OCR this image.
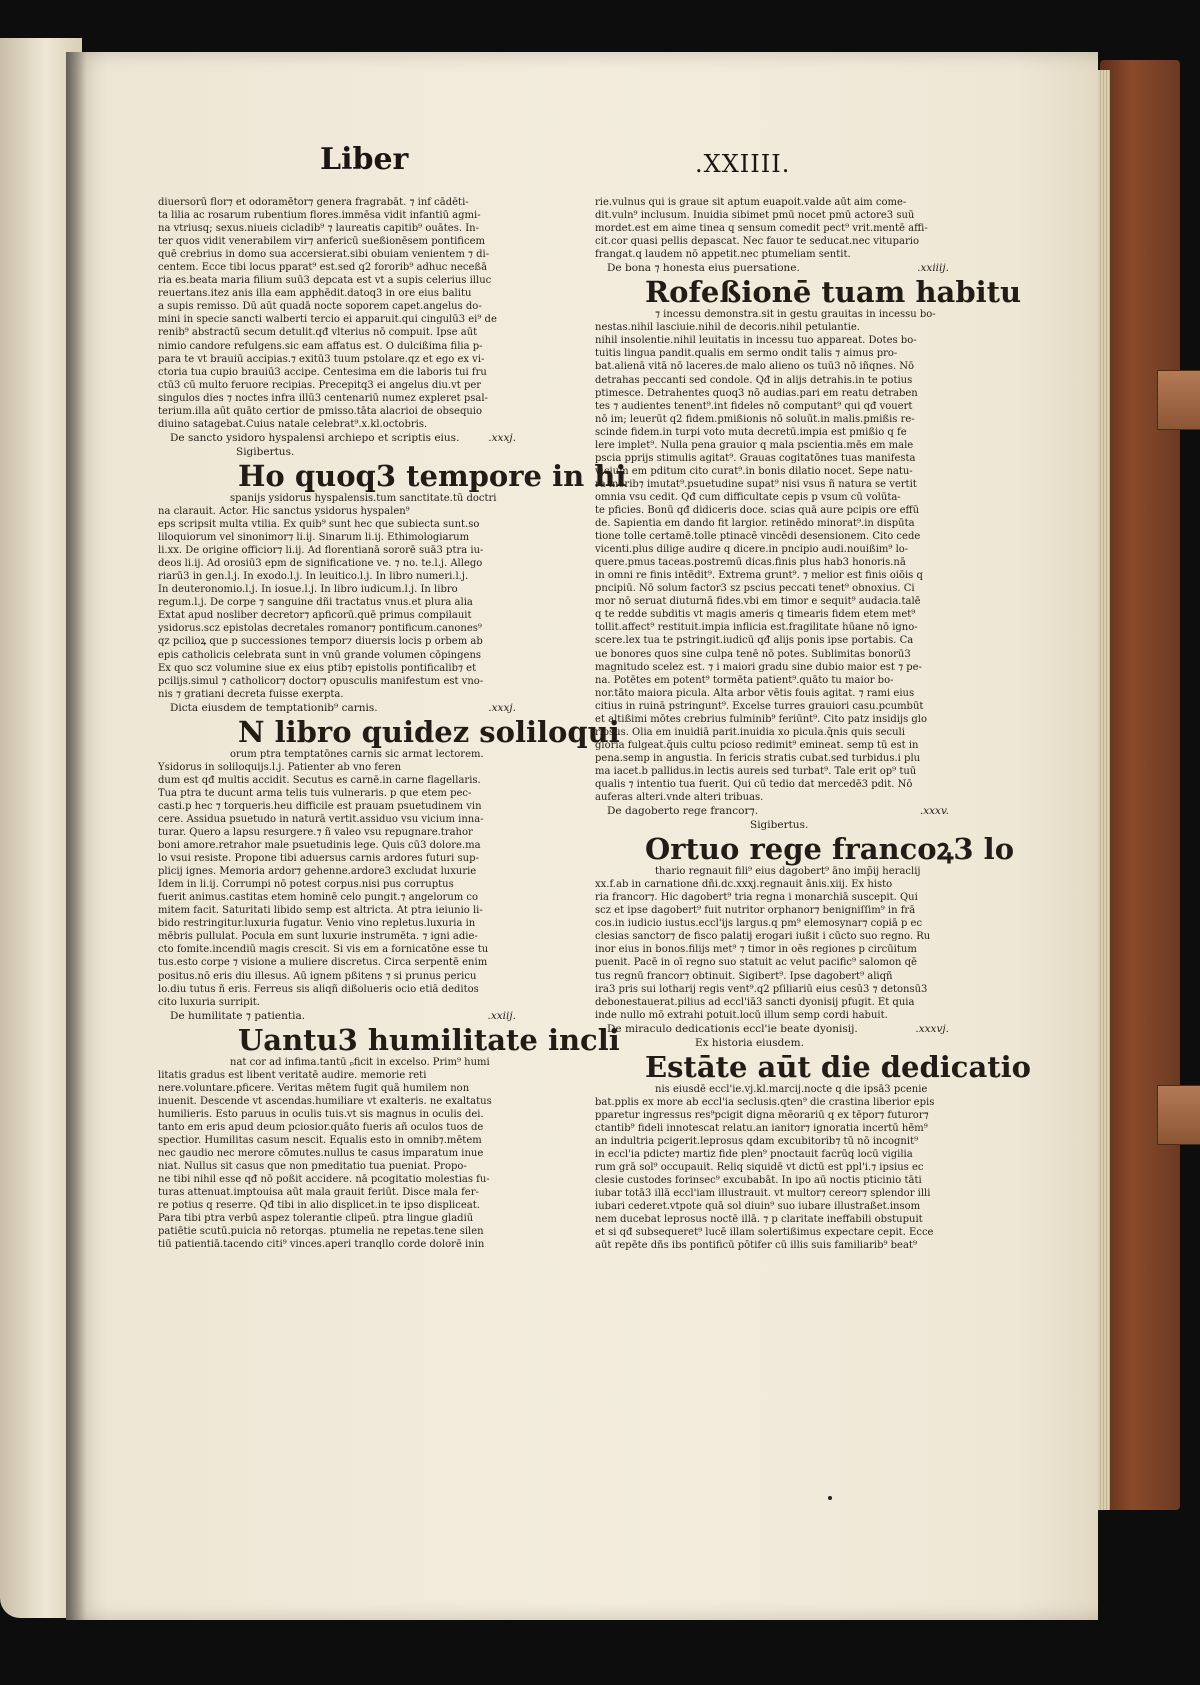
Liber	.XXIIII.

diuersorū flor⁊ et odoramētor⁊ genera fragrabāt. ⁊ inf cādēti-

ta lilia ac rosarum rubentium flores.immēsa vidit infantiū agmi-

na vtriusq; sexus.niueis cicladib⁹ ⁊ laureatis capitib⁹ ouātes. In-

ter quos vidit venerabilem vir⁊ anfericū sueßionēsem pontificem

quē crebrius in domo sua accersierat.sibi obuiam venientem ⁊ di-

centem. Ecce tibi locus pparat⁹ est.sed q2 fororib⁹ adhuc neceßā

ria es.beata maria filium suū3 depcata est vt a supis celerius illuc

reuertans.itez anis illa eam apphēdit.datoq3 in ore eius balitu

a supis remisso. Dū aūt quadā nocte soporem capet.angelus do-

mini in specie sancti walberti tercio ei apparuit.qui cingulū3 ei⁹ de

renib⁹ abstractū secum detulit.qđ vlterius nō compuit. Ipse aūt

nimio candore refulgens.sic eam affatus est. O dulcißima filia p-

para te vt brauiū accipias.⁊ exitū3 tuum pstolare.qz et ego ex vi-

ctoria tua cupio brauiū3 accipe. Centesima em die laboris tui fru

ctū3 cū multo feruore recipias. Precepitq3 ei angelus diu.vt per

singulos dies ⁊ noctes infra illū3 centenariū numez expleret psal-

terium.illa aūt quāto certior de pmisso.tāta alacrioi de obsequio

diuino satagebat.Cuius natale celebrat⁹.x.kl.octobris.

De sancto ysidoro hyspalensi archiepo et scriptis eius.	.xxxj.
Sigibertus.
Ho quoq3 tempore in hi

spanijs ysidorus hyspalensis.tum sanctitate.tū doctri

na clarauit. Actor. Hic sanctus ysidorus hyspalen⁹

eps scripsit multa vtilia. Ex quib⁹ sunt hec que subiecta sunt.so

liloquiorum vel sinonimor⁊ li.ij. Sinarum li.ij. Ethimologiarum

li.xx. De origine officior⁊ li.ij. Ad florentianā sororē suā3 ptra iu-

deos li.ij. Ad orosiū3 epm de significatione ve. ⁊ no. te.l.j. Allego

riarū3 in gen.l.j. In exodo.l.j. In leuitico.l.j. In libro numeri.l.j.

In deuteronomio.l.j. In iosue.l.j. In libro iudicum.l.j. In libro

regum.l.j. De corpe ⁊ sanguine dñi tractatus vnus.et plura alia

Extat apud nosliber decretor⁊ apficorū.quē primus compilauit

ysidorus.scz epistolas decretales romanor⁊ pontificum.canones⁹

qz pcilioꝝ que p successiones tempor⁊ diuersis locis p orbem ab

epis catholicis celebrata sunt in vnū grande volumen cōpingens

Ex quo scz volumine siue ex eius ptib⁊ epistolis pontificalib⁊ et

pcilijs.simul ⁊ catholicor⁊ doctor⁊ opusculis manifestum est vno-

nis ⁊ gratiani decreta fuisse exerpta.

Dicta eiusdem de temptationib⁹ carnis.	.xxxj.
N libro quidez soliloqui

orum ptra temptatōnes carnis sic armat lectorem.

Ysidorus in soliloquijs.l.j. Patienter ab vno feren

dum est qđ multis accidit. Secutus es carnē.in carne flagellaris.

Tua ptra te ducunt arma telis tuis vulneraris. p que etem pec-

casti.p hec ⁊ torqueris.heu difficile est prauam psuetudinem vin

cere. Assidua psuetudo in naturā vertit.assiduo vsu vicium inna-

turar. Quero a lapsu resurgere.⁊ ñ valeo vsu repugnare.trahor

boni amore.retrahor male psuetudinis lege. Quis cū3 dolore.ma

lo vsui resiste. Propone tibi aduersus carnis ardores futuri sup-

plicij ignes. Memoria ardor⁊ gehenne.ardore3 excludat luxurie

Idem in li.ij. Corrumpi nō potest corpus.nisi pus corruptus

fuerit animus.castitas etem hominē celo pungit.⁊ angelorum co

mitem facit. Saturitati libido semp est altricta. At ptra ieiunio li-

bido restringitur.luxuria fugatur. Venio vino repletus.luxuria in

mēbris pullulat. Pocula em sunt luxurie instrumēta. ⁊ igni adie-

cto fomite.incendiū magis crescit. Si vis em a fornicatōne esse tu

tus.esto corpe ⁊ visione a muliere discretus. Circa serpentē enim

positus.nō eris diu illesus. Aū ignem pßitens ⁊ si prunus pericu

lo.diu tutus ñ eris. Ferreus sis aliqñ dißolueris ocio etiā deditos

cito luxuria surripit.

De humilitate ⁊ patientia.	.xxiij.
Uantu3 humilitate incli

nat cor ad infima.tantū ₚficit in excelso. Prim⁹ humi

litatis gradus est libent veritatē audire. memorie reti

nere.voluntare.pficere. Veritas mētem fugit quā humilem non

inuenit. Descende vt ascendas.humiliare vt exalteris. ne exaltatus

humilieris. Esto paruus in oculis tuis.vt sis magnus in oculis dei.

tanto em eris apud deum pciosior.quāto fueris añ oculos tuos de

spectior. Humilitas casum nescit. Equalis esto in omnib⁊.mētem

nec gaudio nec merore cōmutes.nullus te casus imparatum inue

niat. Nullus sit casus que non pmeditatio tua pueniat. Propo-

ne tibi nihil esse qđ nō poßit accidere. nā pcogitatio molestias fu-

turas attenuat.imptouisa aūt mala grauit feriūt. Disce mala fer-

re potius q reserre. Qđ tibi in alio displicet.in te ipso displiceat.

Para tibi ptra verbū aspez tolerantie clipeū. ptra lingue gladiū

patiētie scutū.puicia nō retorqas. ptumelia ne repetas.tene silen

tiū patientiā.tacendo citi⁹ vinces.aperi tranqllo corde dolorē inin

rie.vulnus qui is graue sit aptum euapoit.valde aūt aim come-

dit.vuln⁹ inclusum. Inuidia sibimet pmū nocet pmū actore3 suū

mordet.est em aime tinea q sensum comedit pect⁹ vrit.mentē affi-

cit.cor quasi pellis depascat. Nec fauor te seducat.nec vitupario

frangat.q laudem nō appetit.nec ptumeliam sentit.

De bona ⁊ honesta eius puersatione.	.xxiiij.
Rofeßionē tuam habitu

⁊ incessu demonstra.sit in gestu grauitas in incessu bo-

nestas.nihil lasciuie.nihil de decoris.nihil petulantie.

nihil insolentie.nihil leuitatis in incessu tuo appareat. Dotes bo-

tuitis lingua pandit.qualis em sermo ondit talis ⁊ aimus pro-

bat.alienā vitā nō laceres.de malo alieno os tuū3 nō iñqnes. Nō

detrahas peccanti sed condole. Qđ in alijs detrahis.in te potius

ptimesce. Detrahentes quoq3 nō audias.pari em reatu detraben

tes ⁊ audientes tenent⁹.int fideles nō computant⁹ qui qđ vouert

nō im; leuerūt q2 fidem.pmißionis nō soluūt.in malis.pmißis re-

scinde fidem.in turpi voto muta decretū.impia est pmißio q fe

lere implet⁹. Nulla pena grauior q mala pscientia.mēs em male

pscia pprijs stimulis agitat⁹. Grauas cogitatōnes tuas manifesta

vicium em pditum cito curat⁹.in bonis dilatio nocet. Sepe natu-

ra morib⁊ imutat⁹.psuetudine supat⁹ nisi vsus ñ natura se vertit

omnia vsu cedit. Qđ cum difficultate cepis p vsum cū volūta-

te pficies. Bonū qđ didiceris doce. scias quā aure pcipis ore effū

de. Sapientia em dando fit largior. retinēdo minorat⁹.in dispūta

tione tolle certamē.tolle ptinacē vincēdi desensionem. Cito cede

vicenti.plus dilige audire q dicere.in pncipio audi.nouißim⁹ lo-

quere.pmus taceas.postremū dicas.finis plus hab3 honoris.nā

in omni re finis intēdit⁹. Extrema grunt⁹. ⁊ melior est finis oiōis q

pncipiū. Nō solum factor3 sz pscius peccati tenet⁹ obnoxius. Ci

mor nō seruat diuturnā fides.vbi em timor e sequit⁹ audacia.talē

q te redde subditis vt magis ameris q timearis fidem etem met⁹

tollit.affect⁹ restituit.impia inflicia est.fragilitate hūane nō igno-

scere.lex tua te pstringit.iudicū qđ alijs ponis ipse portabis. Ca

ue bonores quos sine culpa tenē nō potes. Sublimitas bonorū3

magnitudo scelez est. ⁊ i maiori gradu sine dubio maior est ⁊ pe-

na. Potētes em potent⁹ tormēta patient⁹.quāto tu maior bo-

nor.tāto maiora picula. Alta arbor vētis fouis agitat. ⁊ rami eius

citius in ruinā pstringunt⁹. Excelse turres grauiori casu.pcumbūt

et altißimi mōtes crebrius fulminib⁹ feriūnt⁹. Cito patz insidijs glo

riosus. Olia em inuidiā parit.inuidia xo picula.q̄nis quis seculi

gloria fulgeat.q̄uis cultu pcioso redimit⁹ emineat. semp tū est in

pena.semp in angustia. In fericis stratis cubat.sed turbidus.i plu

ma iacet.b pallidus.in lectis aureis sed turbat⁹. Tale erit op⁹ tuū

qualis ⁊ intentio tua fuerit. Qui cū tedio dat mercedē3 pdit. Nō

auferas alteri.vnde alteri tribuas.

De dagoberto rege francor⁊.	.xxxv.
Sigibertus.
Ortuo rege francoꝝ3 lo

thario regnauit fili⁹ eius dagobert⁹ āno imp̄ij heraclij

xx.f.ab in carnatione dñi.dc.xxxj.regnauit ānis.xiij. Ex histo

ria francor⁊. Hic dagobert⁹ tria regna i monarchiā suscepit. Qui

scz et ipse dagobert⁹ fuit nutritor orphanor⁊ benigniſſim⁹ in frā

cos.in iudicio iustus.eccl'ijs largus.q pm⁹ elemosynar⁊ copiā p ec

clesias sanctor⁊ de fisco palatij erogari iußit i cūcto suo regno. Ru

inor eius in bonos.filijs met⁹ ⁊ timor in oēs regiones p circūitum

puenit. Pacē in oī regno suo statuit ac velut pacific⁹ salomon qē

tus regnū francor⁊ obtinuit. Sigibert⁹. Ipse dagobert⁹ aliqñ

ira3 pris sui lotharij regis vent⁹.q2 pſiliariū eius cesū3 ⁊ detonsū3

debonestauerat.pilius ad eccl'iā3 sancti dyonisij pfugit. Et quia

inde nullo mō extrahi potuit.locū illum semp cordi habuit.

De miraculo dedicationis eccl'ie beate dyonisij.	.xxxvj.
Ex historia eiusdem.
Estāte aūt die dedicatio

nis eiusdē eccl'ie.vj.kl.marcij.nocte q die ipsā3 pcenie

bat.pplis ex more ab eccl'ia seclusis.qten⁹ die crastina liberior epis

pparetur ingressus res⁹pcigit digna mēorariū q ex tēpor⁊ futuror⁊

ctantib⁹ fideli innotescat relatu.an ianitor⁊ ignoratia incertū hēm⁹

an indultria pcigerit.leprosus qdam excubitorib⁊ tū nō incognit⁹

in eccl'ia pdicte⁊ martiz fide plen⁹ pnoctauit facrūq locū vigilia

rum grā sol⁹ occupauit. Reliq siquidē vt dictū est ppl'i.⁊ ipsius ec

clesie custodes forinsec⁹ excubabāt. In ipo aū noctis pticinio tāti

iubar totā3 illā eccl'iam illustrauit. vt multor⁊ cereor⁊ splendor illi

iubari cederet.vtpote quā sol diuin⁹ suo iubare illustraßet.insom

nem ducebat leprosus noctē illā. ⁊ p claritate ineffabili obstupuit

et si qđ subsequeret⁹ lucē illam solertißimus expectare cepit. Ecce

aūt repēte dñs ibs pontificū pōtifer cū illis suis familiarib⁹ beat⁹
